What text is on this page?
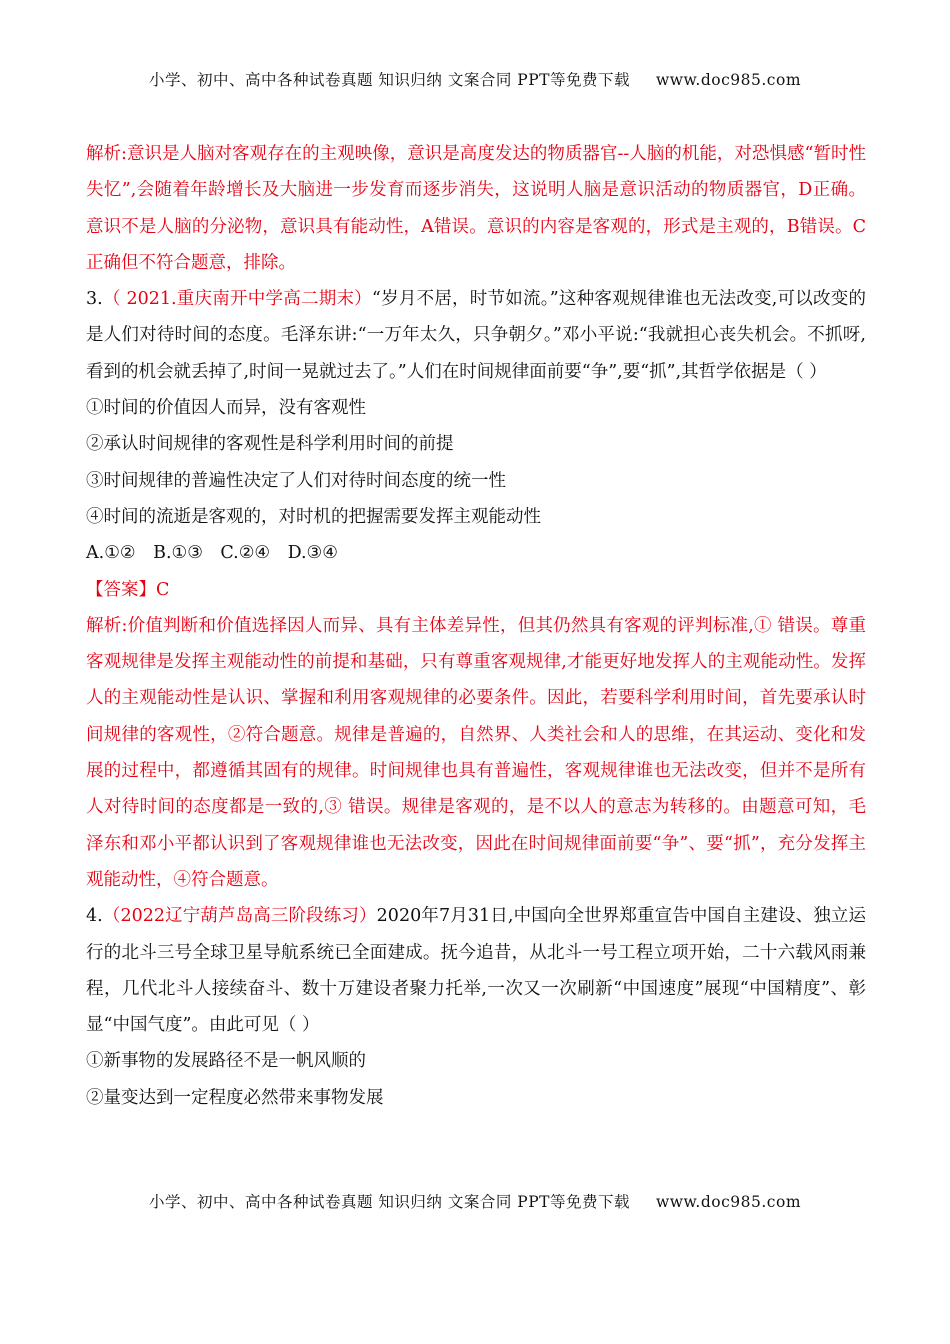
小学、初中、高中各种试卷真题 知识归纳 文案合同 PPT等免费下载 www.doc985.com

解析:意识是人脑对客观存在的主观映像，意识是高度发达的物质器官--人脑的机能，对恐惧感“暂时性失忆”,会随着年龄增长及大脑进一步发育而逐步消失，这说明人脑是意识活动的物质器官，D正确。意识不是人脑的分泌物，意识具有能动性，A错误。意识的内容是客观的，形式是主观的，B错误。C正确但不符合题意，排除。

3.（ 2021.重庆南开中学高二期末）“岁月不居，时节如流。”这种客观规律谁也无法改变,可以改变的是人们对待时间的态度。毛泽东讲:“一万年太久，只争朝夕。”邓小平说:“我就担心丧失机会。不抓呀,看到的机会就丢掉了,时间一晃就过去了。”人们在时间规律面前要“争”,要“抓”,其哲学依据是（ ）

①时间的价值因人而异，没有客观性

②承认时间规律的客观性是科学利用时间的前提

③时间规律的普遍性决定了人们对待时间态度的统一性

④时间的流逝是客观的，对时机的把握需要发挥主观能动性

A.①②　B.①③　C.②④　D.③④

【答案】C

解析:价值判断和价值选择因人而异、具有主体差异性，但其仍然具有客观的评判标准,① 错误。尊重客观规律是发挥主观能动性的前提和基础，只有尊重客观规律,才能更好地发挥人的主观能动性。发挥人的主观能动性是认识、掌握和利用客观规律的必要条件。因此，若要科学利用时间，首先要承认时间规律的客观性，②符合题意。规律是普遍的，自然界、人类社会和人的思维，在其运动、变化和发展的过程中，都遵循其固有的规律。时间规律也具有普遍性，客观规律谁也无法改变，但并不是所有人对待时间的态度都是一致的,③ 错误。规律是客观的，是不以人的意志为转移的。由题意可知，毛泽东和邓小平都认识到了客观规律谁也无法改变，因此在时间规律面前要“争”、要“抓”，充分发挥主观能动性，④符合题意。

4.（2022辽宁葫芦岛高三阶段练习）2020年7月31日,中国向全世界郑重宣告中国自主建设、独立运行的北斗三号全球卫星导航系统已全面建成。抚今追昔，从北斗一号工程立项开始，二十六载风雨兼程，几代北斗人接续奋斗、数十万建设者聚力托举,一次又一次刷新“中国速度”展现“中国精度”、彰显“中国气度”。由此可见（ ）

①新事物的发展路径不是一帆风顺的

②量变达到一定程度必然带来事物发展

小学、初中、高中各种试卷真题 知识归纳 文案合同 PPT等免费下载 www.doc985.com
